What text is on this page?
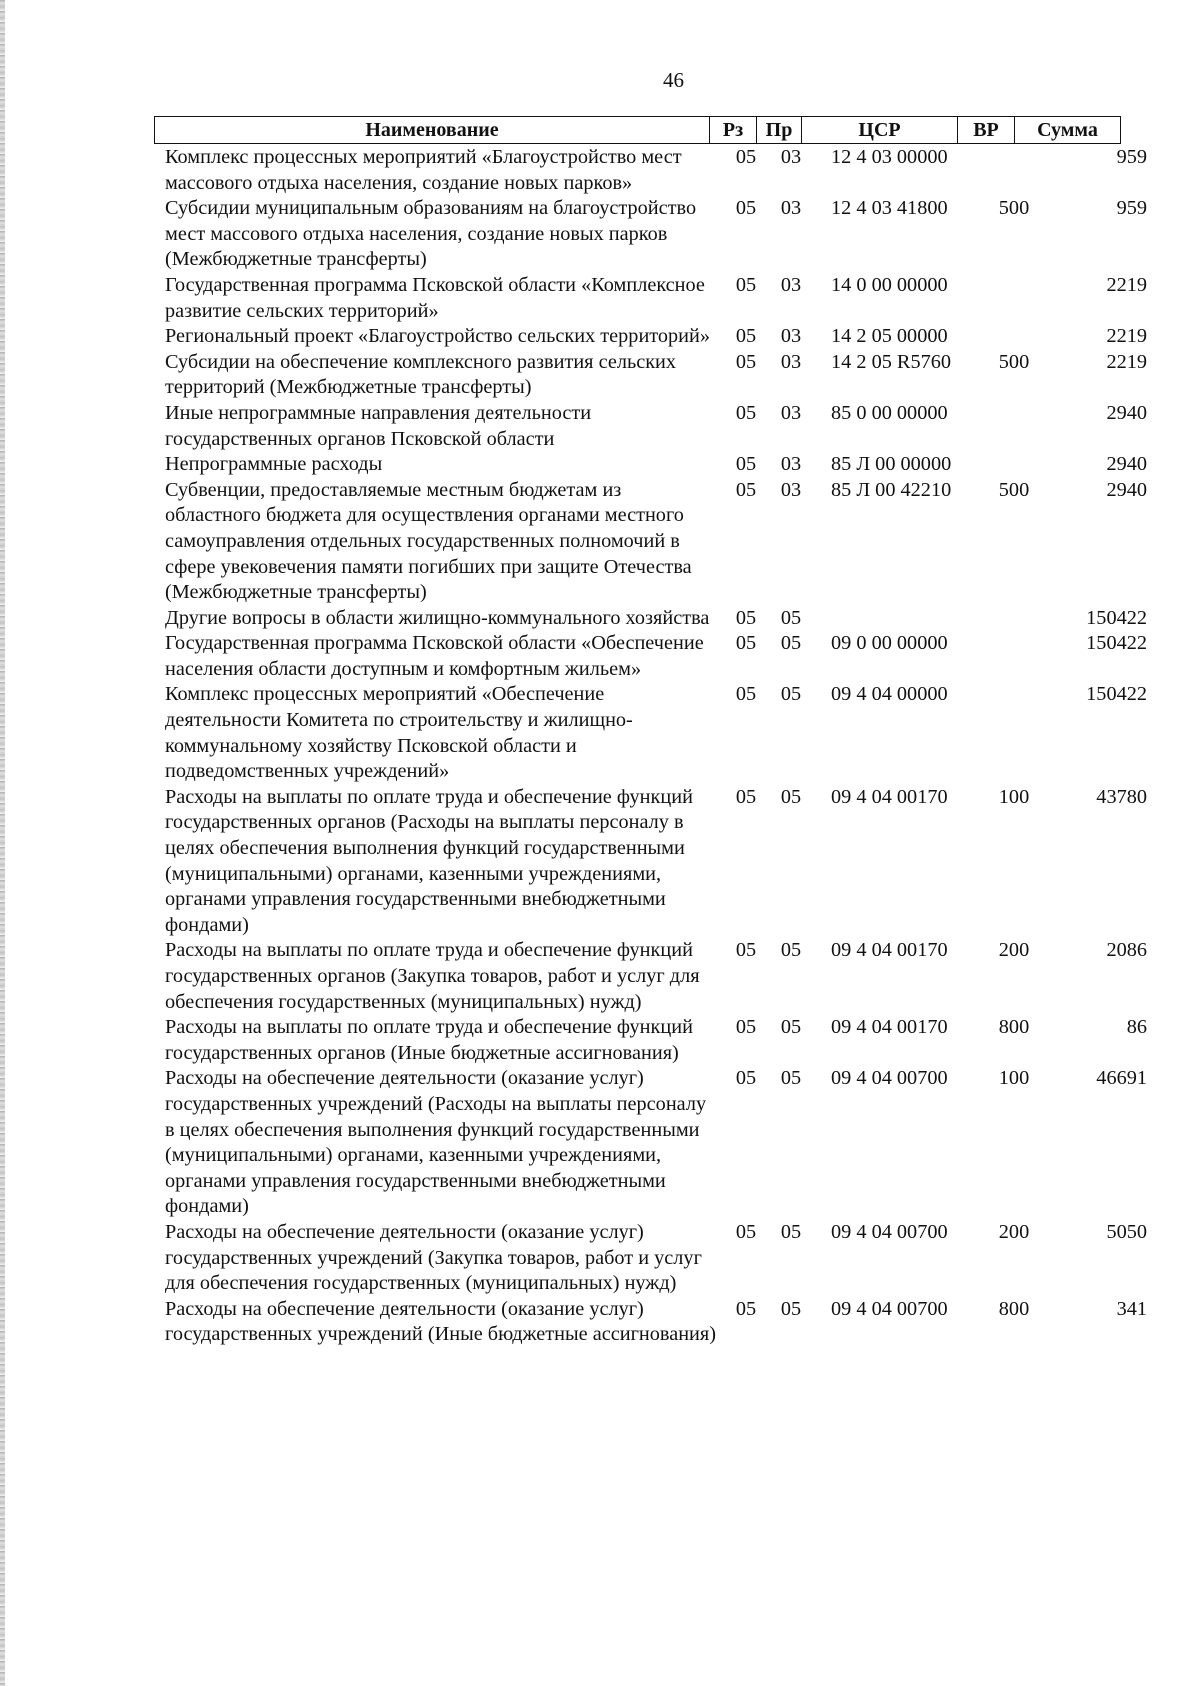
46
Наименование	Рз	Пр	ЦСР	ВР	Сумма
Комплекс процессных мероприятий «Благоустройство мест массового отдыха населения, создание новых парков»	05	03	12 4 03 00000		959
Субсидии муниципальным образованиям на благоустройство мест массового отдыха населения, создание новых парков (Межбюджетные трансферты)	05	03	12 4 03 41800	500	959
Государственная программа Псковской области «Комплексное развитие сельских территорий»	05	03	14 0 00 00000		2219
Региональный проект «Благоустройство сельских территорий»	05	03	14 2 05 00000		2219
Субсидии на обеспечение комплексного развития сельских территорий (Межбюджетные трансферты)	05	03	14 2 05 R5760	500	2219
Иные непрограммные направления деятельности государственных органов Псковской области	05	03	85 0 00 00000		2940
Непрограммные расходы	05	03	85 Л 00 00000		2940
Субвенции, предоставляемые местным бюджетам из областного бюджета для осуществления органами местного самоуправления отдельных государственных полномочий в сфере увековечения памяти погибших при защите Отечества (Межбюджетные трансферты)	05	03	85 Л 00 42210	500	2940
Другие вопросы в области жилищно-коммунального хозяйства	05	05			150422
Государственная программа Псковской области «Обеспечение населения области доступным и комфортным жильем»	05	05	09 0 00 00000		150422
Комплекс процессных мероприятий «Обеспечение деятельности Комитета по строительству и жилищно-коммунальному хозяйству Псковской области и подведомственных учреждений»	05	05	09 4 04 00000		150422
Расходы на выплаты по оплате труда и обеспечение функций государственных органов (Расходы на выплаты персоналу в целях обеспечения выполнения функций государственными (муниципальными) органами, казенными учреждениями, органами управления государственными внебюджетными фондами)	05	05	09 4 04 00170	100	43780
Расходы на выплаты по оплате труда и обеспечение функций государственных органов (Закупка товаров, работ и услуг для обеспечения государственных (муниципальных) нужд)	05	05	09 4 04 00170	200	2086
Расходы на выплаты по оплате труда и обеспечение функций государственных органов (Иные бюджетные ассигнования)	05	05	09 4 04 00170	800	86
Расходы на обеспечение деятельности (оказание услуг) государственных учреждений (Расходы на выплаты персоналу в целях обеспечения выполнения функций государственными (муниципальными) органами, казенными учреждениями, органами управления государственными внебюджетными фондами)	05	05	09 4 04 00700	100	46691
Расходы на обеспечение деятельности (оказание услуг) государственных учреждений (Закупка товаров, работ и услуг для обеспечения государственных (муниципальных) нужд)	05	05	09 4 04 00700	200	5050
Расходы на обеспечение деятельности (оказание услуг) государственных учреждений (Иные бюджетные ассигнования)	05	05	09 4 04 00700	800	341
